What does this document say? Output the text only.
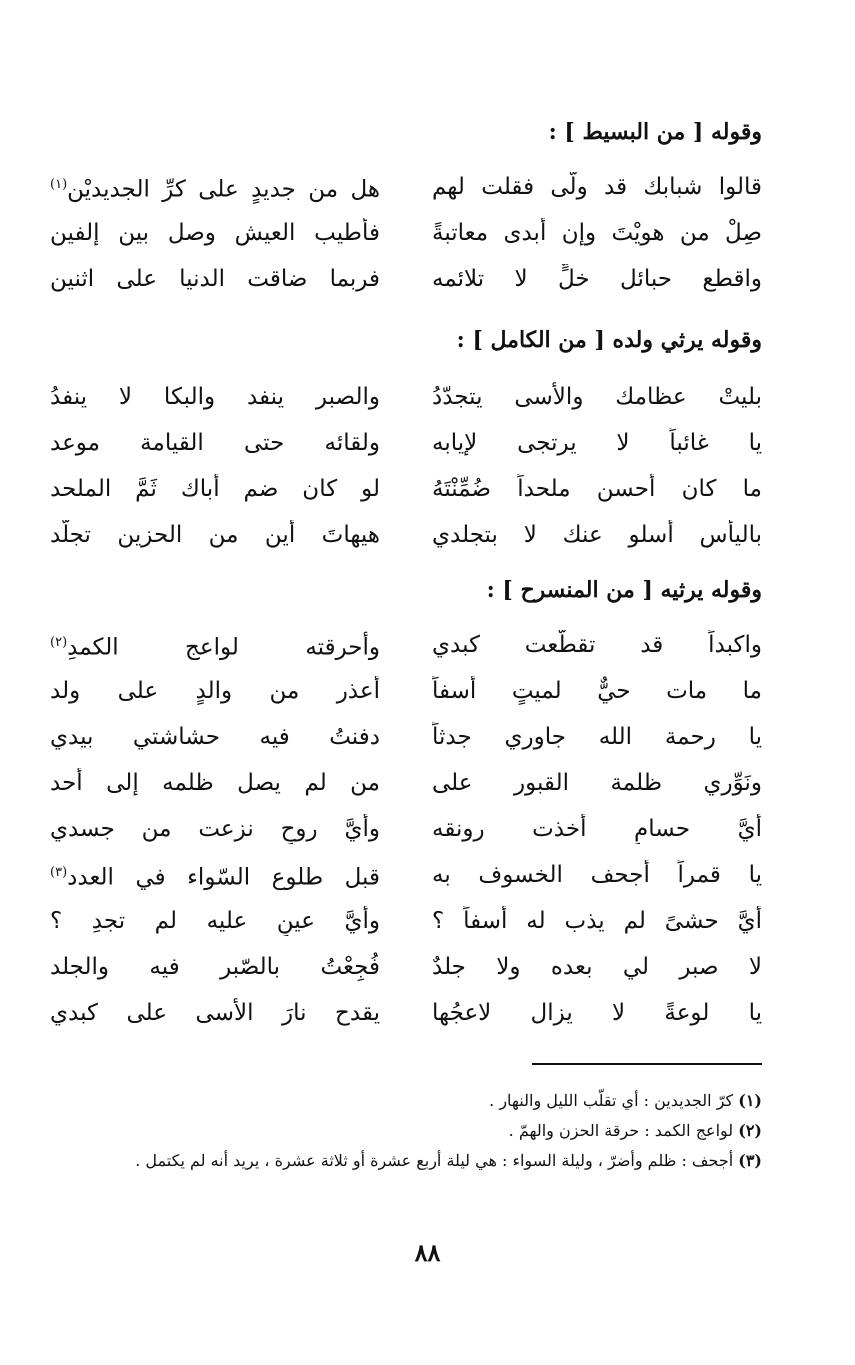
وقوله [ من البسيط ] :
قالوا شبابك قد ولّى فقلت لهم
هل من جديدٍ على كرِّ الجديديْن$^{(١)}$
صِلْ من هويْتَ وإن أبدى معاتبةً
فأطيب العيش وصل بين إلفين
واقطع حبائل خلٍّ لا تلائمه
فربما ضاقت الدنيا على اثنين
وقوله يرثي ولده [ من الكامل ] :
بليتْ عظامك والأسى يتجدّدُ
والصبر ينفد والبكا لا ينفدُ
يا غائباً لا يرتجى لإيابه
ولقائه حتى القيامة موعد
ما كان أحسن ملحداً ضُمِّنْتَهُ
لو كان ضم أباك ثَمَّ الملحد
باليأس أسلو عنك لا بتجلدي
هيهاتَ أين من الحزين تجلّد
وقوله يرثيه [ من المنسرح ] :
واكبداً قد تقطّعت كبدي
وأحرقته لواعج الكمدِ$^{(٢)}$
ما مات حيٌّ لميتٍ أسفاً
أعذر من والدٍ على ولد
يا رحمة الله جاوري جدثاً
دفنتُ فيه حشاشتي بيدي
ونَوِّري ظلمة القبور على
من لم يصل ظلمه إلى أحد
أيَّ حسامٍ أخذت رونقه
وأيَّ روحٍ نزعت من جسدي
يا قمراً أجحف الخسوف به
قبل طلوع السّواء في العدد$^{(٣)}$
أيَّ حشىً لم يذب له أسفاً ؟
وأيَّ عينٍ عليه لم تجدِ ؟
لا صبر لي بعده ولا جلدٌ
فُجِعْتُ بالصّبر فيه والجلد
يا لوعةً لا يزال لاعجُها
يقدح نارَ الأسى على كبدي
(١) كرّ الجديدين : أي تقلّب الليل والنهار .
(٢) لواعج الكمد : حرقة الحزن والهمّ .
(٣) أجحف : ظلم وأضرّ ، وليلة السواء : هي ليلة أربع عشرة أو ثلاثة عشرة ، يريد أنه لم يكتمل .
٨٨
